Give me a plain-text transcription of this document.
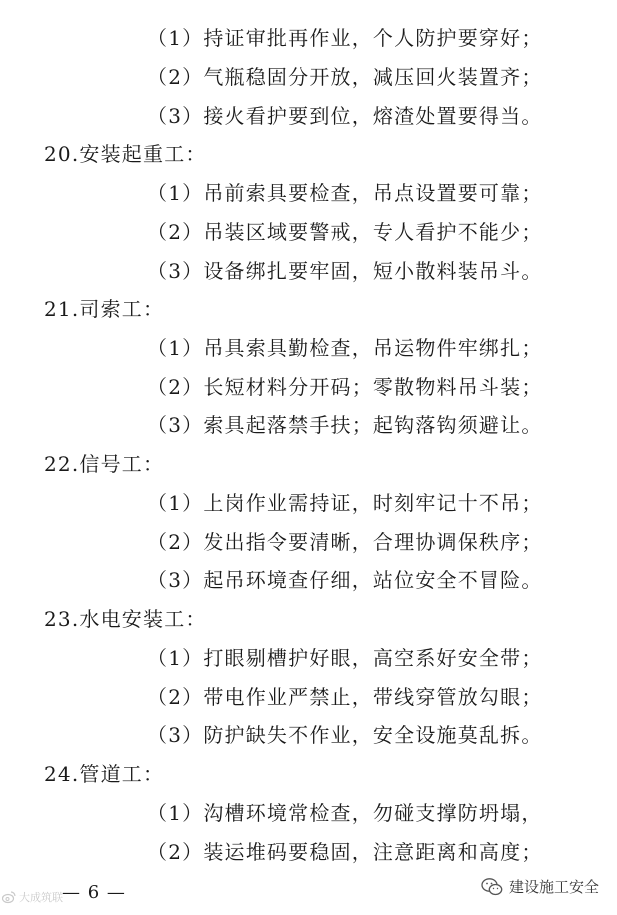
（1）持证审批再作业，个人防护要穿好；
（2）气瓶稳固分开放，减压回火装置齐；
（3）接火看护要到位，熔渣处置要得当。
20.安装起重工：
（1）吊前索具要检查，吊点设置要可靠；
（2）吊装区域要警戒，专人看护不能少；
（3）设备绑扎要牢固，短小散料装吊斗。
21.司索工：
（1）吊具索具勤检查，吊运物件牢绑扎；
（2）长短材料分开码；零散物料吊斗装；
（3）索具起落禁手扶；起钩落钩须避让。
22.信号工：
（1）上岗作业需持证，时刻牢记十不吊；
（2）发出指令要清晰，合理协调保秩序；
（3）起吊环境查仔细，站位安全不冒险。
23.水电安装工：
（1）打眼剔槽护好眼，高空系好安全带；
（2）带电作业严禁止，带线穿管放勾眼；
（3）防护缺失不作业，安全设施莫乱拆。
24.管道工：
（1）沟槽环境常检查，勿碰支撑防坍塌，
（2）装运堆码要稳固，注意距离和高度；
— 6 —
大成筑联
建设施工安全
